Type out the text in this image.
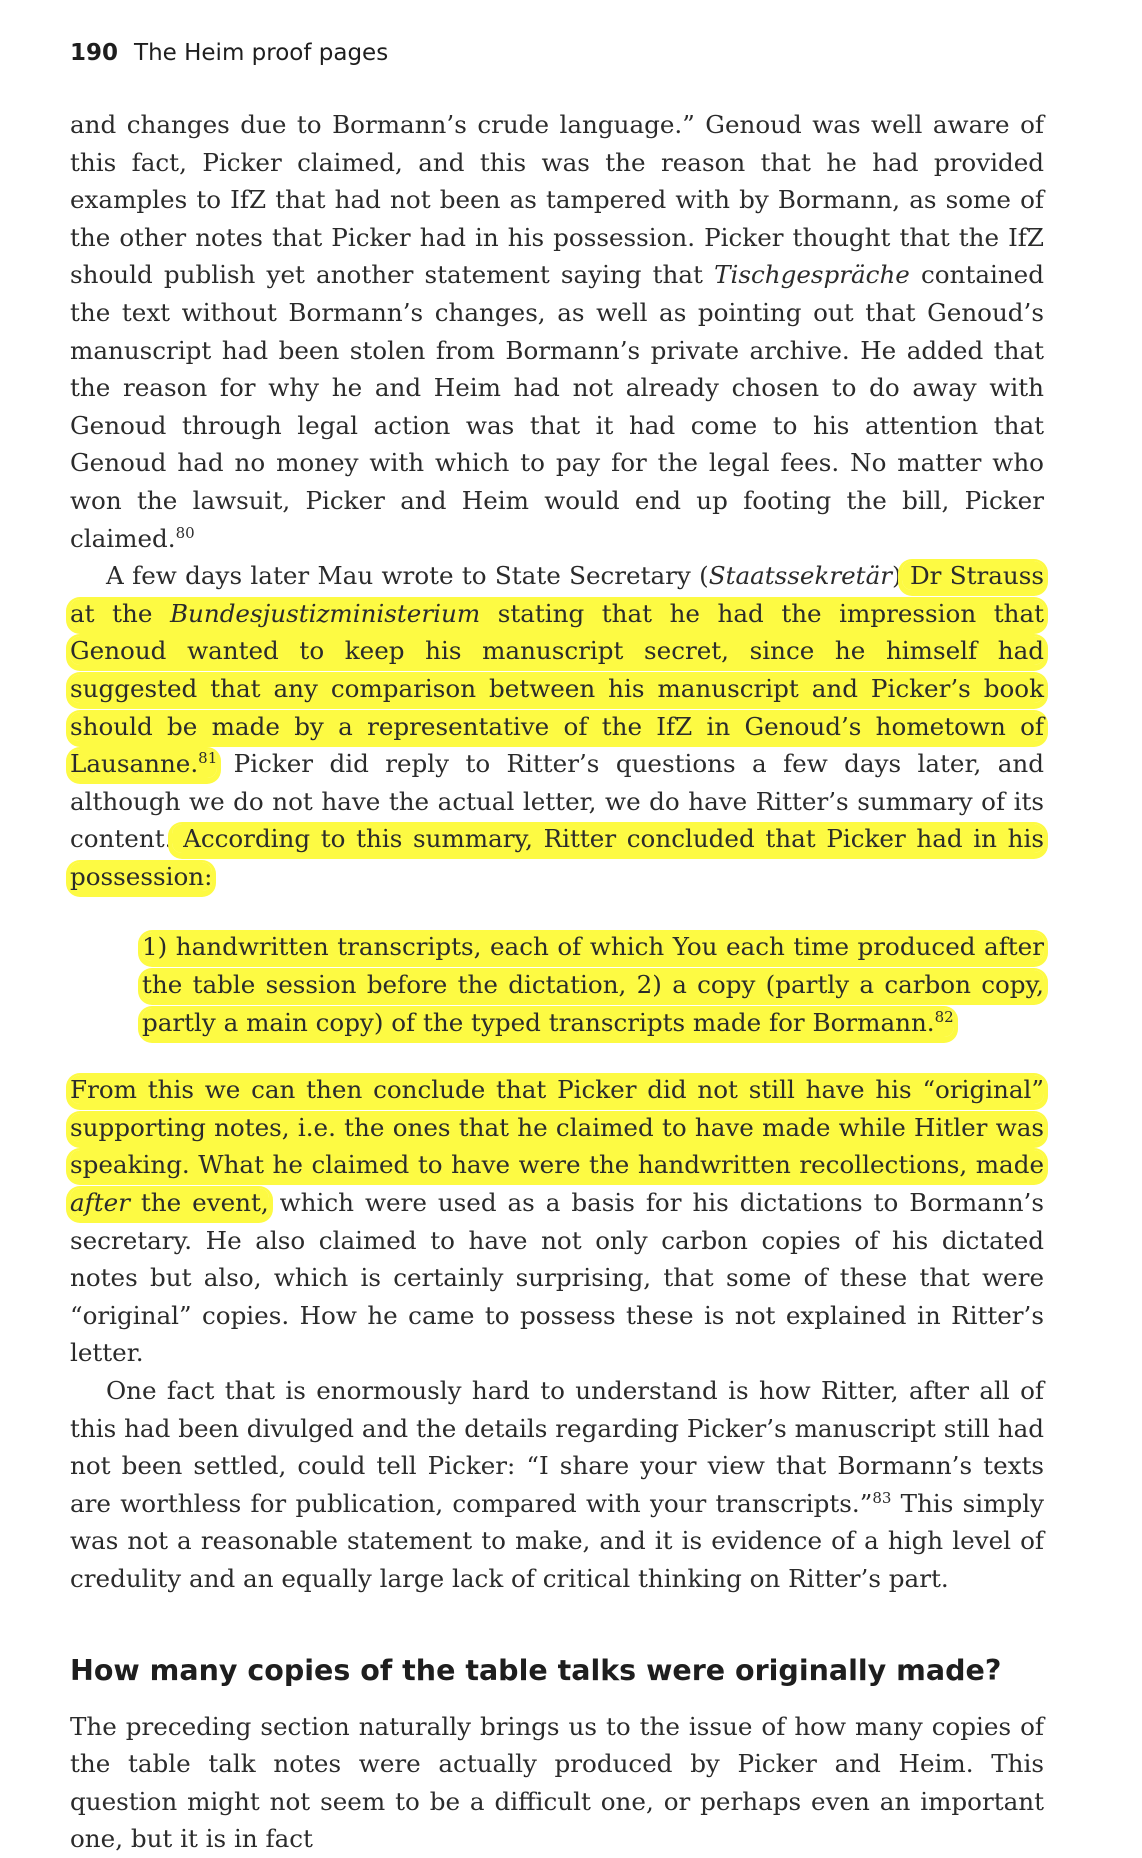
190 The Heim proof pages

and changes due to Bormann’s crude language.” Genoud was well aware of this fact, Picker claimed, and this was the reason that he had provided examples to IfZ that had not been as tampered with by Bormann, as some of the other notes that Picker had in his possession. Picker thought that the IfZ should publish yet another statement saying that Tischgespräche contained the text without Bormann’s changes, as well as pointing out that Genoud’s manuscript had been stolen from Bormann’s private archive. He added that the reason for why he and Heim had not already chosen to do away with Genoud through legal action was that it had come to his attention that Genoud had no money with which to pay for the legal fees. No matter who won the lawsuit, Picker and Heim would end up footing the bill, Picker claimed.$^{80}$

A few days later Mau wrote to State Secretary (Staatssekretär) Dr Strauss at the Bundesjustizministerium stating that he had the impression that Genoud wanted to keep his manuscript secret, since he himself had suggested that any comparison between his manuscript and Picker’s book should be made by a representative of the IfZ in Genoud’s hometown of Lausanne.$^{81}$ Picker did reply to Ritter’s questions a few days later, and although we do not have the actual letter, we do have Ritter’s summary of its content. According to this summary, Ritter concluded that Picker had in his possession:

1) handwritten transcripts, each of which You each time produced after the table session before the dictation, 2) a copy (partly a carbon copy, partly a main copy) of the typed transcripts made for Bormann.$^{82}$

From this we can then conclude that Picker did not still have his “original” supporting notes, i.e. the ones that he claimed to have made while Hitler was speaking. What he claimed to have were the handwritten recollections, made after the event, which were used as a basis for his dictations to Bormann’s secretary. He also claimed to have not only carbon copies of his dictated notes but also, which is certainly surprising, that some of these that were “original” copies. How he came to possess these is not explained in Ritter’s letter.

One fact that is enormously hard to understand is how Ritter, after all of this had been divulged and the details regarding Picker’s manuscript still had not been settled, could tell Picker: “I share your view that Bormann’s texts are worthless for publication, compared with your transcripts.”$^{83}$ This simply was not a reasonable statement to make, and it is evidence of a high level of credulity and an equally large lack of critical thinking on Ritter’s part.

How many copies of the table talks were originally made?

The preceding section naturally brings us to the issue of how many copies of the table talk notes were actually produced by Picker and Heim. This question might not seem to be a difficult one, or perhaps even an important one, but it is in fact
